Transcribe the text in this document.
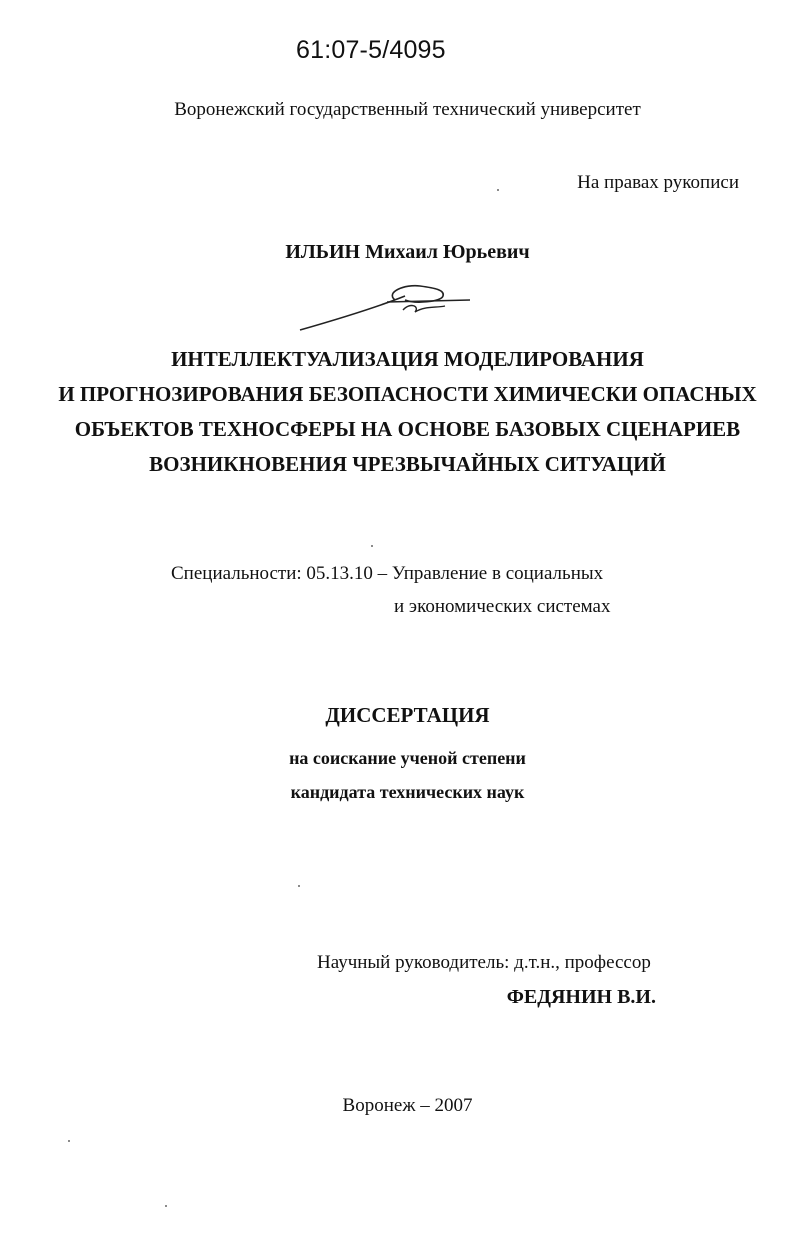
61:07-5/4095
Воронежский государственный технический университет
На правах рукописи
ИЛЬИН Михаил Юрьевич
ИНТЕЛЛЕКТУАЛИЗАЦИЯ МОДЕЛИРОВАНИЯ
И ПРОГНОЗИРОВАНИЯ БЕЗОПАСНОСТИ ХИМИЧЕСКИ ОПАСНЫХ
ОБЪЕКТОВ ТЕХНОСФЕРЫ НА ОСНОВЕ БАЗОВЫХ СЦЕНАРИЕВ
ВОЗНИКНОВЕНИЯ ЧРЕЗВЫЧАЙНЫХ СИТУАЦИЙ
Специальности: 05.13.10 – Управление в социальных
и экономических системах
ДИССЕРТАЦИЯ
на соискание ученой степени
кандидата технических наук
Научный руководитель: д.т.н., профессор
ФЕДЯНИН В.И.
Воронеж – 2007
